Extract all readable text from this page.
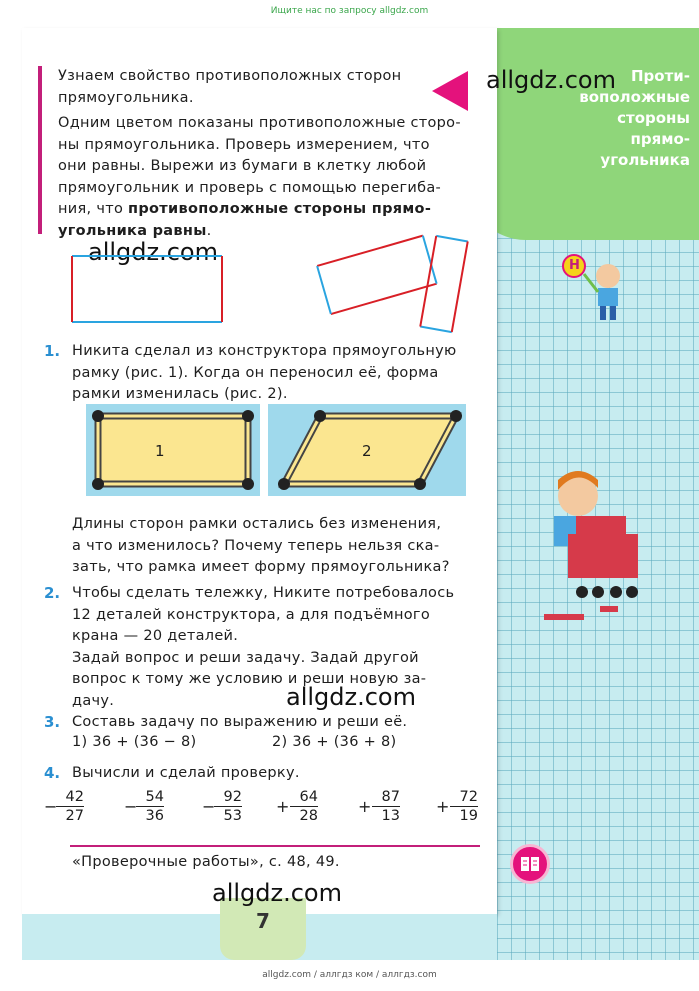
Ищите нас по запросу allgdz.com
Проти-
воположные
стороны
прямо-
угольника
7
Узнаем свойство противоположных сторон
прямоугольника.
Одним цветом показаны противоположные сторо-
ны прямоугольника. Проверь измерением, что
они равны. Вырежи из бумаги в клетку любой
прямоугольник и проверь с помощью перегиба-
ния, что противоположные стороны прямо-
угольника равны.
allgdz.com
allgdz.com
Н
1. Никита сделал из конструктора прямоугольную
рамку (рис. 1). Когда он переносил её, форма
рамки изменилась (рис. 2).
1	2
Длины сторон рамки остались без изменения,
а что изменилось? Почему теперь нельзя ска-
зать, что рамка имеет форму прямоугольника?
2. Чтобы сделать тележку, Никите потребовалось
12 деталей конструктора, а для подъёмного
крана — 20 деталей.
Задай вопрос и реши задачу. Задай другой
вопрос к тому же условию и реши новую за-
дачу.	allgdz.com
3. Составь задачу по выражению и реши её.
1) 36 + (36 − 8)	2) 36 + (36 + 8)
4. Вычисли и сделай проверку.
−
$\frac{42}{27}$	−
$\frac{54}{36}$ −
$\frac{92}{53} + \frac{64}{28}$	+ $\frac{87}{13} + \frac{72}{19}$
«Проверочные работы», с. 48, 49.
allgdz.com
allgdz.com / аллгдз ком / аллгдз.com
